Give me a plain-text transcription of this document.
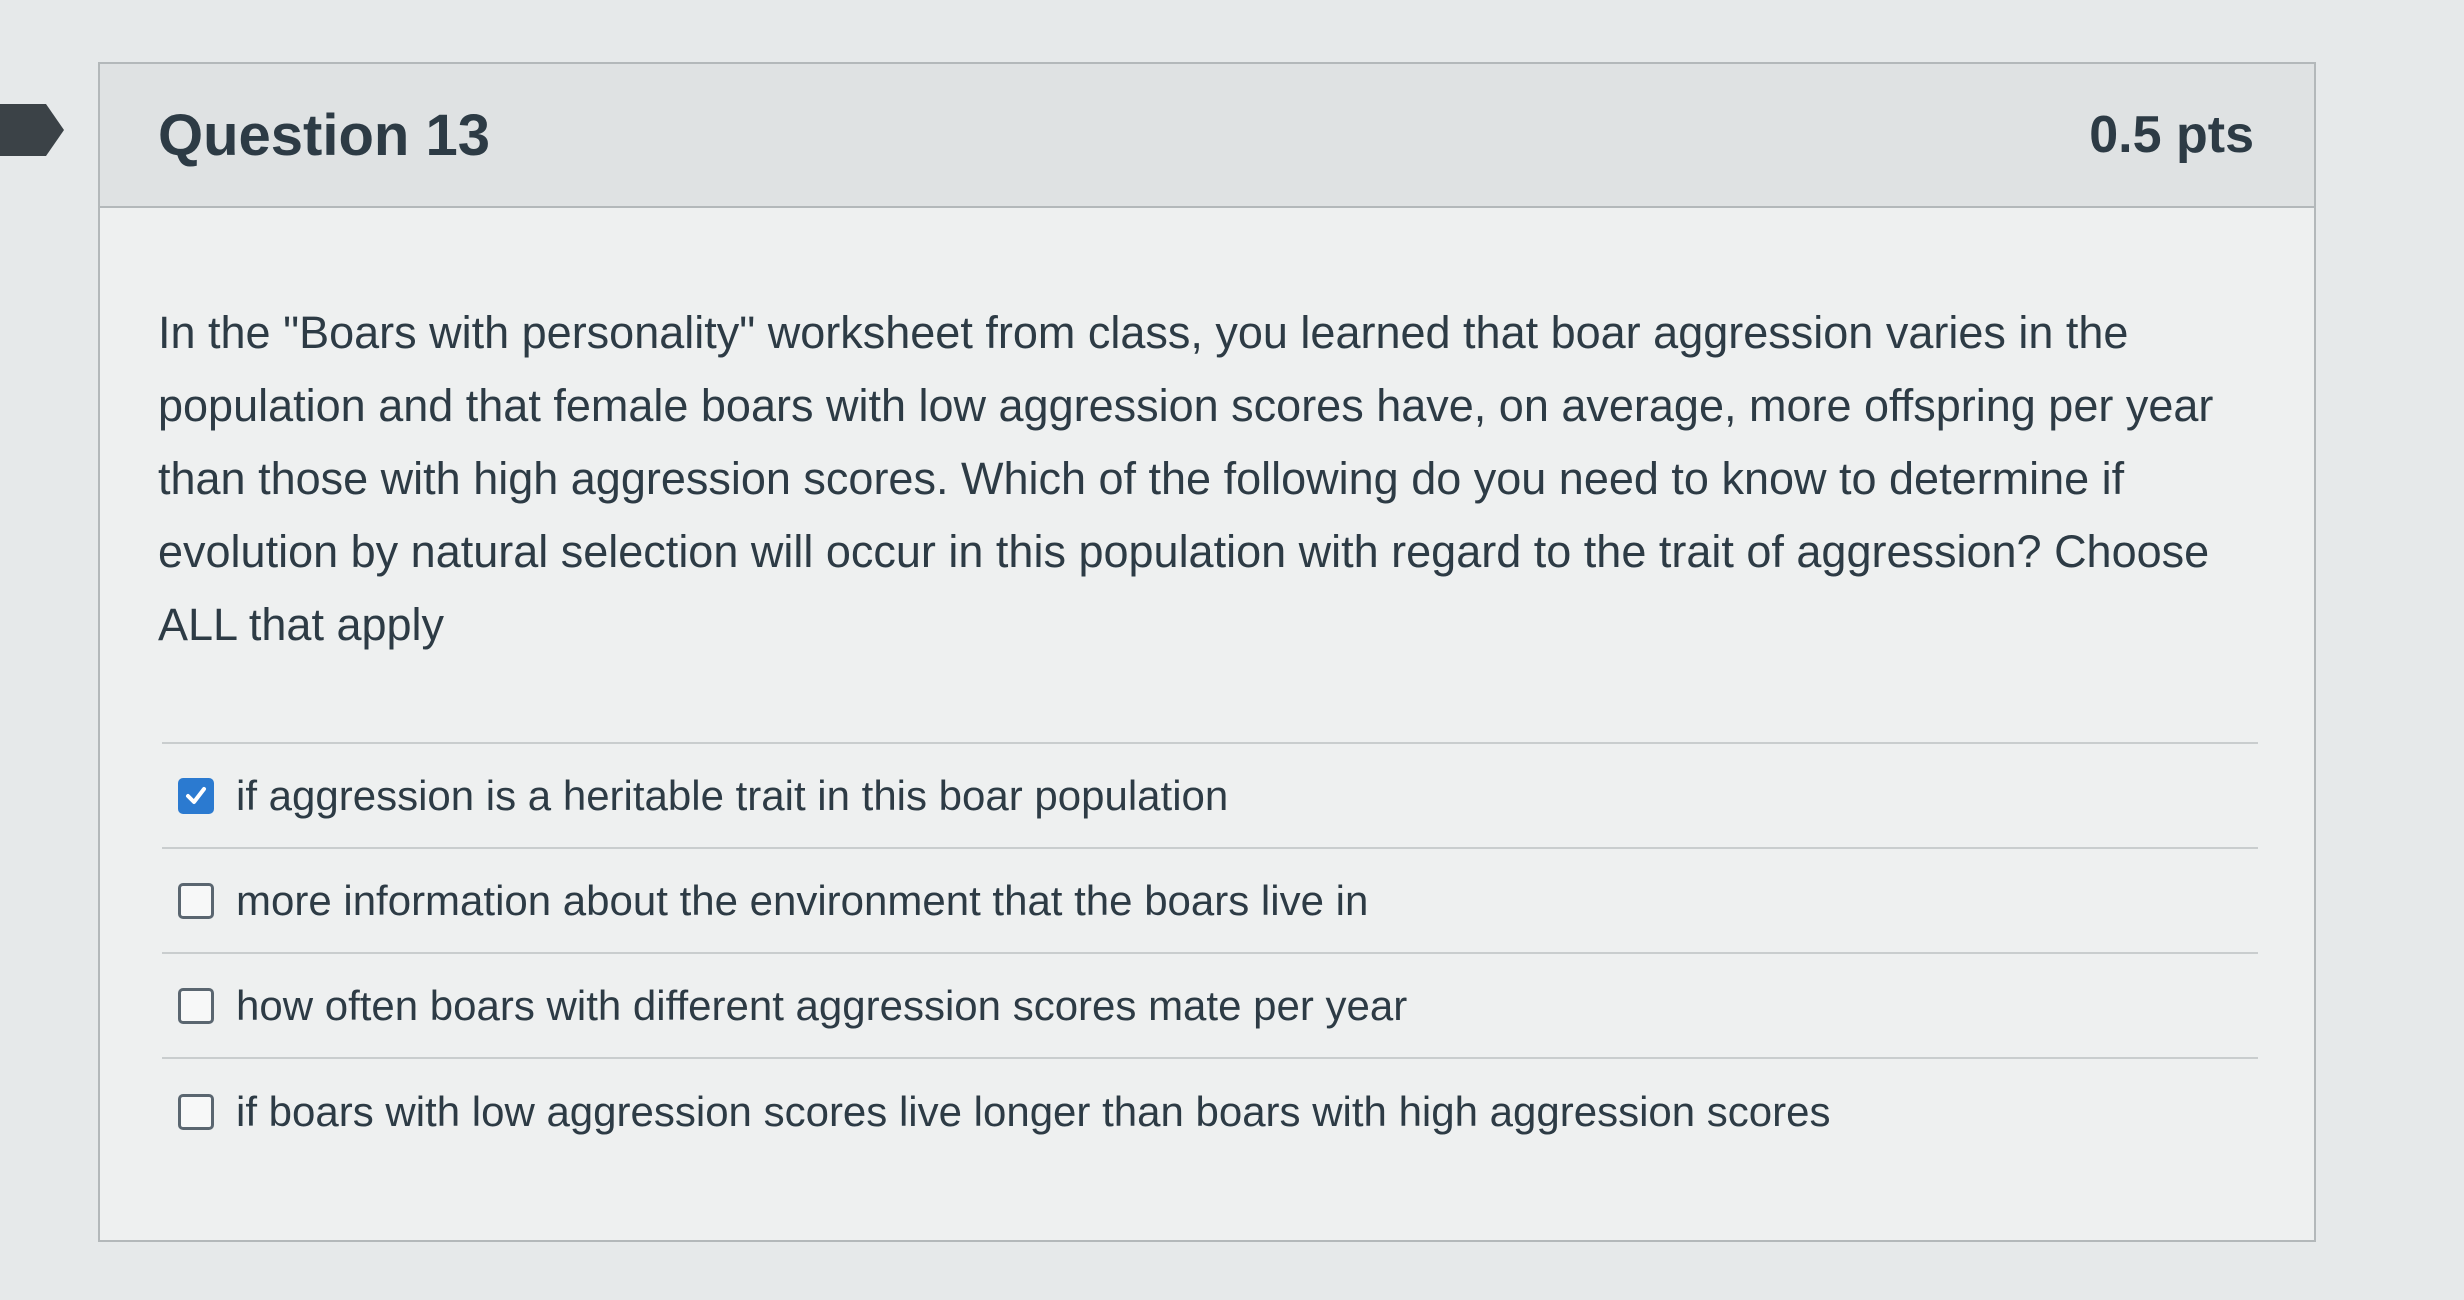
Question 13	0.5 pts

In the "Boars with personality" worksheet from class, you learned that boar aggression varies in the population and that female boars with low aggression scores have, on average, more offspring per year than those with high aggression scores. Which of the following do you need to know to determine if evolution by natural selection will occur in this population with regard to the trait of aggression? Choose ALL that apply

if aggression is a heritable trait in this boar population
more information about the environment that the boars live in
how often boars with different aggression scores mate per year
if boars with low aggression scores live longer than boars with high aggression scores
